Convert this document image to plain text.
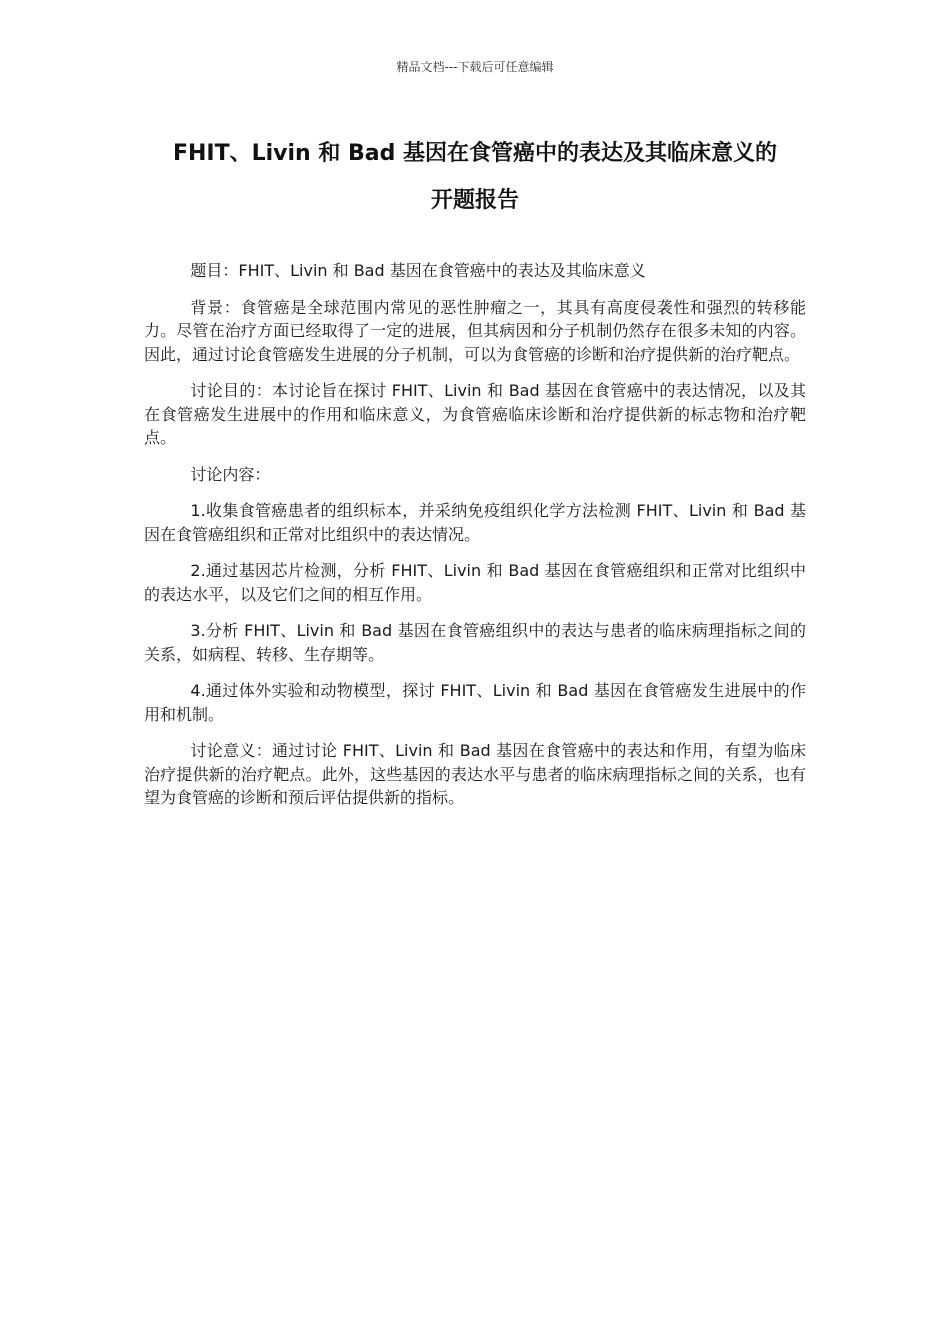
精品文档---下载后可任意编辑
FHIT、Livin 和 Bad 基因在食管癌中的表达及其临床意义的
开题报告

题目：FHIT、Livin 和 Bad 基因在食管癌中的表达及其临床意义

背景：食管癌是全球范围内常见的恶性肿瘤之一，其具有高度侵袭性和强烈的转移能力。尽管在治疗方面已经取得了一定的进展，但其病因和分子机制仍然存在很多未知的内容。因此，通过讨论食管癌发生进展的分子机制，可以为食管癌的诊断和治疗提供新的治疗靶点。

讨论目的：本讨论旨在探讨 FHIT、Livin 和 Bad 基因在食管癌中的表达情况，以及其在食管癌发生进展中的作用和临床意义，为食管癌临床诊断和治疗提供新的标志物和治疗靶点。

讨论内容：

1.收集食管癌患者的组织标本，并采纳免疫组织化学方法检测 FHIT、Livin 和 Bad 基因在食管癌组织和正常对比组织中的表达情况。

2.通过基因芯片检测，分析 FHIT、Livin 和 Bad 基因在食管癌组织和正常对比组织中的表达水平，以及它们之间的相互作用。

3.分析 FHIT、Livin 和 Bad 基因在食管癌组织中的表达与患者的临床病理指标之间的关系，如病程、转移、生存期等。

4.通过体外实验和动物模型，探讨 FHIT、Livin 和 Bad 基因在食管癌发生进展中的作用和机制。

讨论意义：通过讨论 FHIT、Livin 和 Bad 基因在食管癌中的表达和作用，有望为临床治疗提供新的治疗靶点。此外，这些基因的表达水平与患者的临床病理指标之间的关系，也有望为食管癌的诊断和预后评估提供新的指标。
